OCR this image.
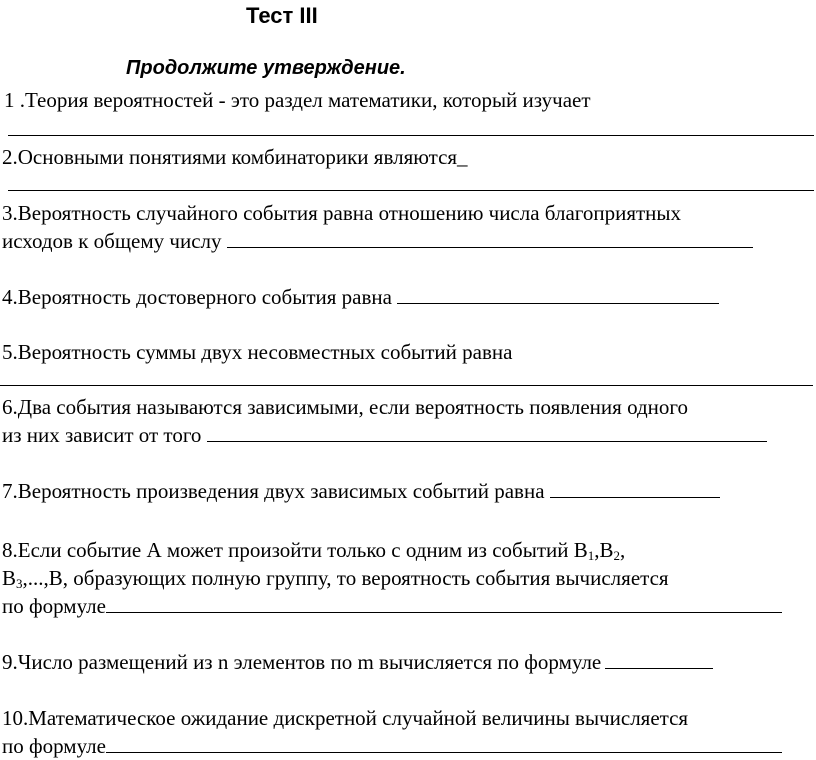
Тест III
Продолжите утверждение.
1 .Теория вероятностей - это раздел математики, который изучает
2.Основными понятиями комбинаторики являются_
3.Вероятность случайного события равна отношению числа благоприятных
исходов к общему числу
4.Вероятность достоверного события равна
5.Вероятность суммы двух несовместных событий равна
6.Два события называются зависимыми, если вероятность появления одного
из них зависит от того
7.Вероятность произведения двух зависимых событий равна
8.Если событие А может произойти только с одним из событий $В_1,В_2$,
$В_3,...,В$, образующих полную группу, то вероятность события вычисляется
по формуле
9.Число размещений из n элементов по m вычисляется по формуле
10.Математическое ожидание дискретной случайной величины вычисляется
по формуле
